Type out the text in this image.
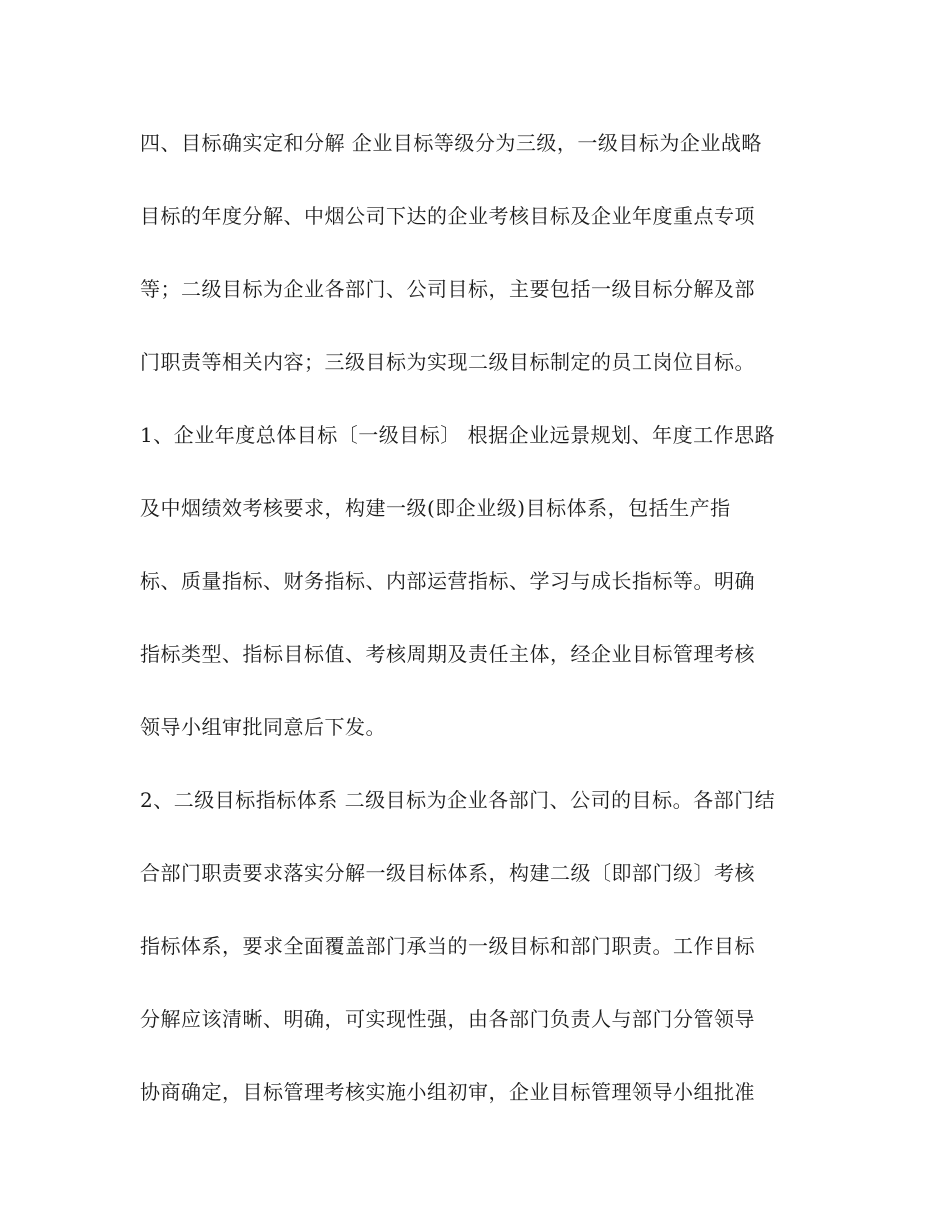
四、目标确实定和分解 企业目标等级分为三级，一级目标为企业战略
目标的年度分解、中烟公司下达的企业考核目标及企业年度重点专项
等；二级目标为企业各部门、公司目标，主要包括一级目标分解及部
门职责等相关内容；三级目标为实现二级目标制定的员工岗位目标。
1、企业年度总体目标〔一级目标〕 根据企业远景规划、年度工作思路
及中烟绩效考核要求，构建一级(即企业级)目标体系，包括生产指
标、质量指标、财务指标、内部运营指标、学习与成长指标等。明确
指标类型、指标目标值、考核周期及责任主体，经企业目标管理考核
领导小组审批同意后下发。
2、二级目标指标体系 二级目标为企业各部门、公司的目标。各部门结
合部门职责要求落实分解一级目标体系，构建二级〔即部门级〕考核
指标体系，要求全面覆盖部门承当的一级目标和部门职责。工作目标
分解应该清晰、明确，可实现性强，由各部门负责人与部门分管领导
协商确定，目标管理考核实施小组初审，企业目标管理领导小组批准
